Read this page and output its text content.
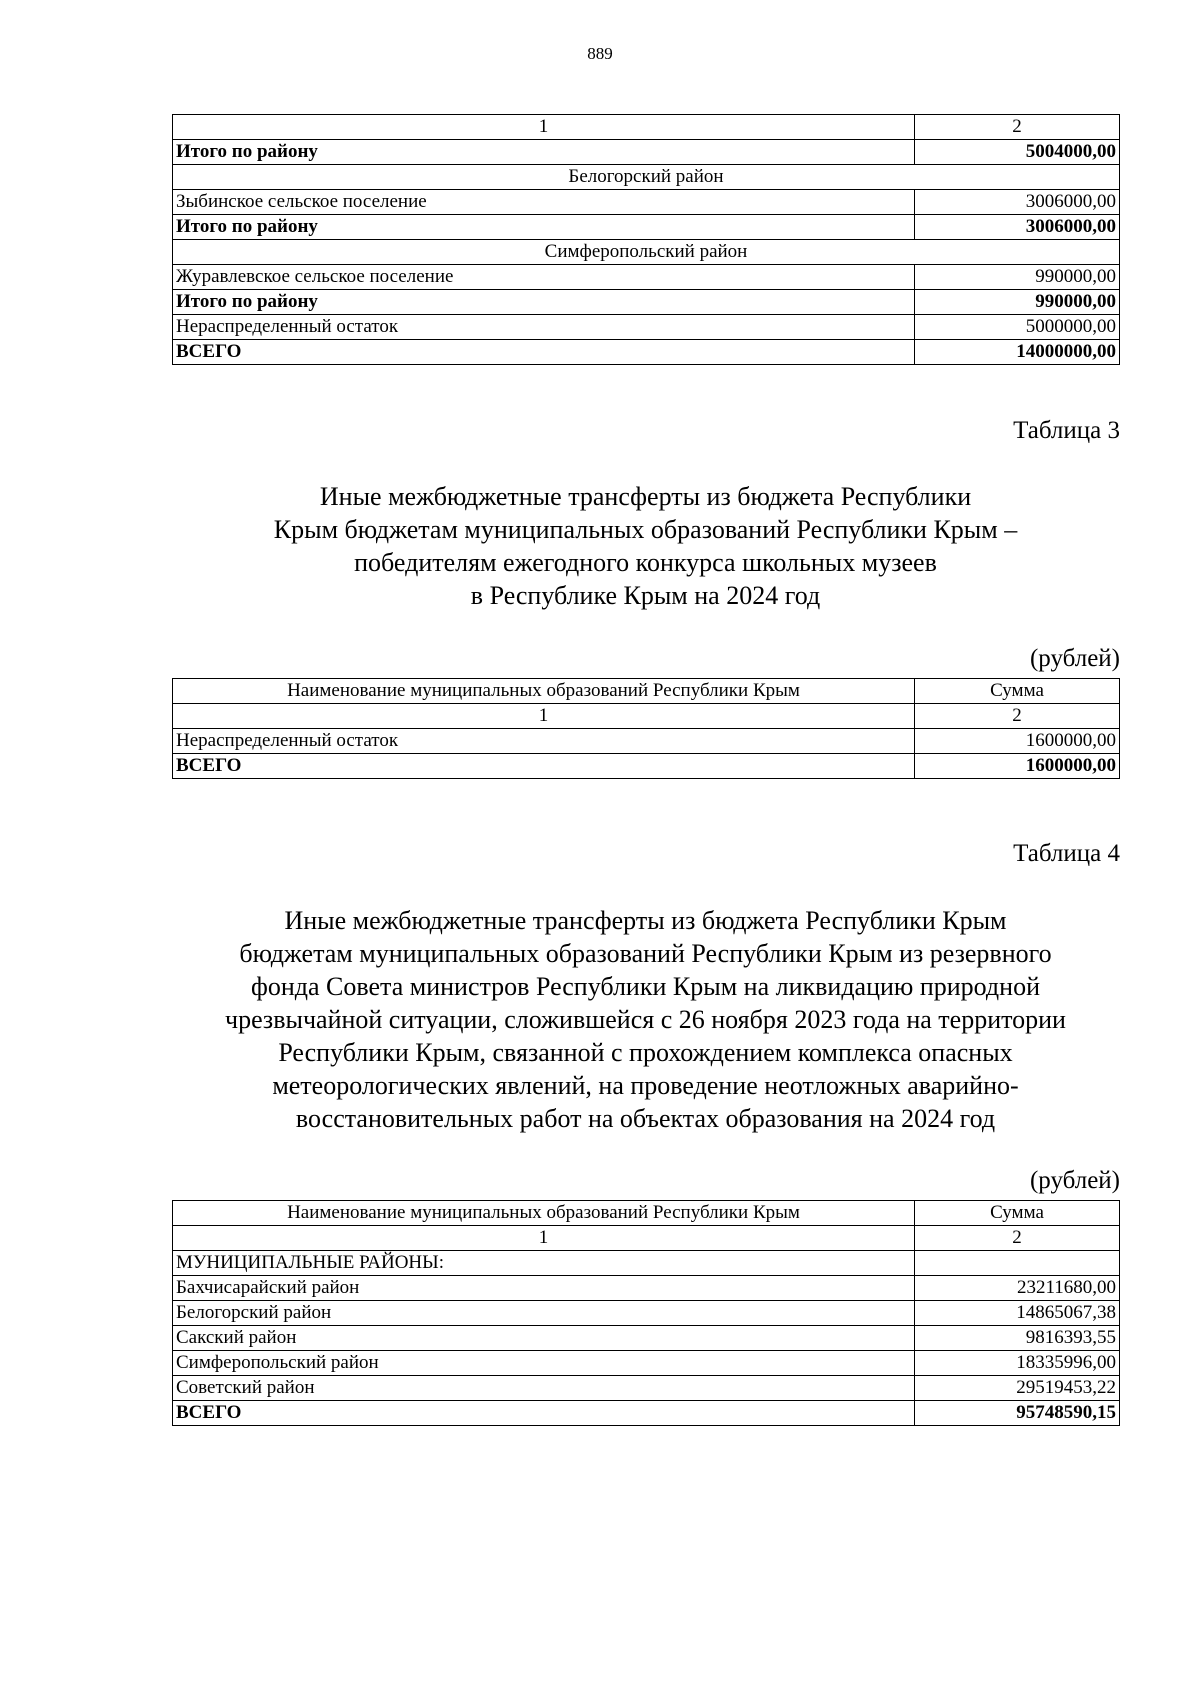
889
1	2
Итого по району	5004000,00
Белогорский район	
Зыбинское сельское поселение	3006000,00
Итого по району	3006000,00
Симферопольский район	
Журавлевское сельское поселение	990000,00
Итого по району	990000,00
Нераспределенный остаток	5000000,00
ВСЕГО	14000000,00
Таблица 3
Иные межбюджетные трансферты из бюджета Республики
Крым бюджетам муниципальных образований Республики Крым –
победителям ежегодного конкурса школьных музеев
в Республике Крым на 2024 год
(рублей)
Наименование муниципальных образований Республики Крым	Сумма
1	2
Нераспределенный остаток	1600000,00
ВСЕГО	1600000,00
Таблица 4
Иные межбюджетные трансферты из бюджета Республики Крым
бюджетам муниципальных образований Республики Крым из резервного
фонда Совета министров Республики Крым на ликвидацию природной
чрезвычайной ситуации, сложившейся с 26 ноября 2023 года на территории
Республики Крым, связанной с прохождением комплекса опасных
метеорологических явлений, на проведение неотложных аварийно-
восстановительных работ на объектах образования на 2024 год
(рублей)
Наименование муниципальных образований Республики Крым	Сумма
1	2
МУНИЦИПАЛЬНЫЕ РАЙОНЫ:	
Бахчисарайский район	23211680,00
Белогорский район	14865067,38
Сакский район	9816393,55
Симферопольский район	18335996,00
Советский район	29519453,22
ВСЕГО	95748590,15
